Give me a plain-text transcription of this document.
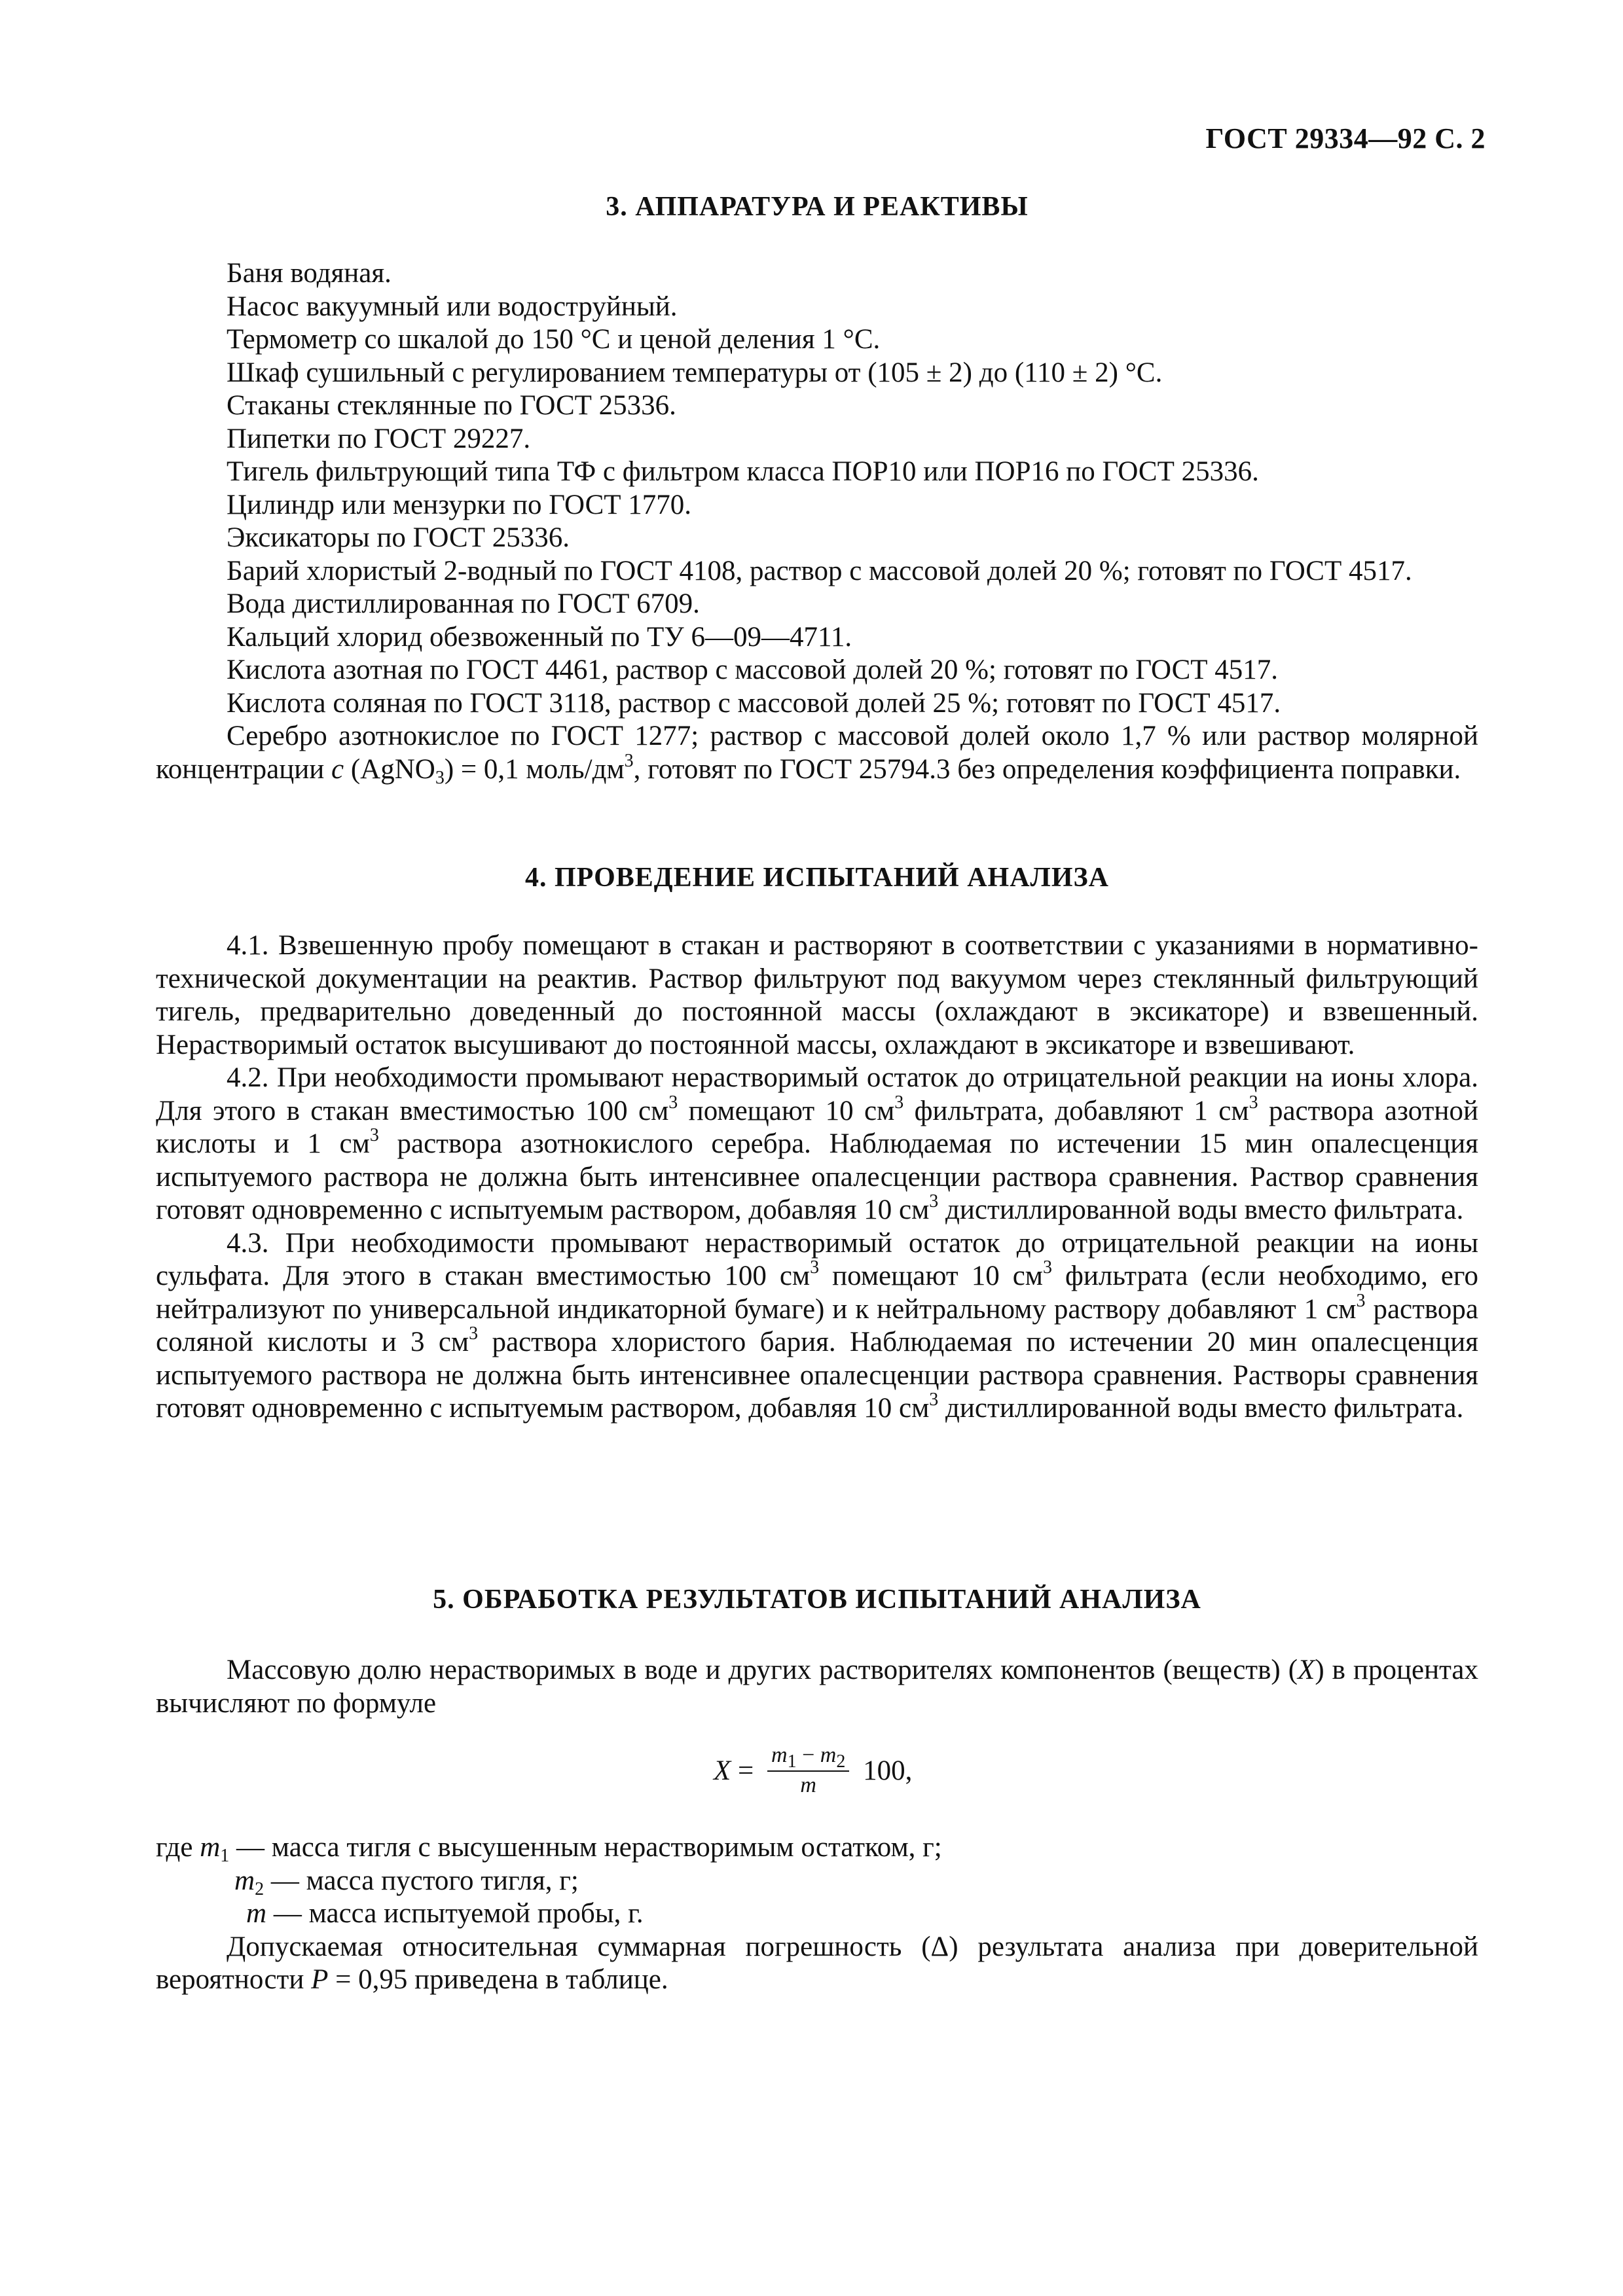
ГОСТ 29334—92 С. 2
3. АППАРАТУРА И РЕАКТИВЫ

Баня водяная.

Насос вакуумный или водоструйный.

Термометр со шкалой до 150 °С и ценой деления 1 °С.

Шкаф сушильный с регулированием температуры от (105 ± 2) до (110 ± 2) °С.

Стаканы стеклянные по ГОСТ 25336.

Пипетки по ГОСТ 29227.

Тигель фильтрующий типа ТФ с фильтром класса ПОР10 или ПОР16 по ГОСТ 25336.

Цилиндр или мензурки по ГОСТ 1770.

Эксикаторы по ГОСТ 25336.

Барий хлористый 2-водный по ГОСТ 4108, раствор с массовой долей 20 %; готовят по ГОСТ 4517.

Вода дистиллированная по ГОСТ 6709.

Кальций хлорид обезвоженный по ТУ 6—09—4711.

Кислота азотная по ГОСТ 4461, раствор с массовой долей 20 %; готовят по ГОСТ 4517.

Кислота соляная по ГОСТ 3118, раствор с массовой долей 25 %; готовят по ГОСТ 4517.

Серебро азотнокислое по ГОСТ 1277; раствор с массовой долей около 1,7 % или раствор молярной концентрации c (AgNO$_3$) = 0,1 моль/$дм^3$, готовят по ГОСТ 25794.3 без определения коэффициента поправки.

4. ПРОВЕДЕНИЕ ИСПЫТАНИЙ АНАЛИЗА

4.1. Взвешенную пробу помещают в стакан и растворяют в соответствии с указаниями в нормативно-технической документации на реактив. Раствор фильтруют под вакуумом через стеклянный фильтрующий тигель, предварительно доведенный до постоянной массы (охлаждают в эксикаторе) и взвешенный. Нерастворимый остаток высушивают до постоянной массы, охлаждают в эксикаторе и взвешивают.

4.2. При необходимости промывают нерастворимый остаток до отрицательной реакции на ионы хлора. Для этого в стакан вместимостью 100 $см^3$ помещают 10 $см^3$ фильтрата, добавляют 1 $см^3$ раствора азотной кислоты и 1 $см^3$ раствора азотнокислого серебра. Наблюдаемая по истечении 15 мин опалесценция испытуемого раствора не должна быть интенсивнее опалесценции раствора сравнения. Раствор сравнения готовят одновременно с испытуемым раствором, добавляя 10 $см^3$ дистиллированной воды вместо фильтрата.

4.3. При необходимости промывают нерастворимый остаток до отрицательной реакции на ионы сульфата. Для этого в стакан вместимостью 100 $см^3$ помещают 10 $см^3$ фильтрата (если необходимо, его нейтрализуют по универсальной индикаторной бумаге) и к нейтральному раствору добавляют 1 $см^3$ раствора соляной кислоты и 3 $см^3$ раствора хлористого бария. Наблюдаемая по истечении 20 мин опалесценция испытуемого раствора не должна быть интенсивнее опалесценции раствора сравнения. Растворы сравнения готовят одновременно с испытуемым раствором, добавляя 10 $см^3$ дистиллированной воды вместо фильтрата.

5. ОБРАБОТКА РЕЗУЛЬТАТОВ ИСПЫТАНИЙ АНАЛИЗА

Массовую долю нерастворимых в воде и других растворителях компонентов (веществ) (X) в процентах вычисляют по формуле

$X = \frac{m_1 - m_2}{m} 100$,
где $m_1$ — масса тигля с высушенным нерастворимым остатком, г;
$m_2$ — масса пустого тигля, г;
m — масса испытуемой пробы, г.

Допускаемая относительная суммарная погрешность (Δ) результата анализа при доверительной вероятности P = 0,95 приведена в таблице.
